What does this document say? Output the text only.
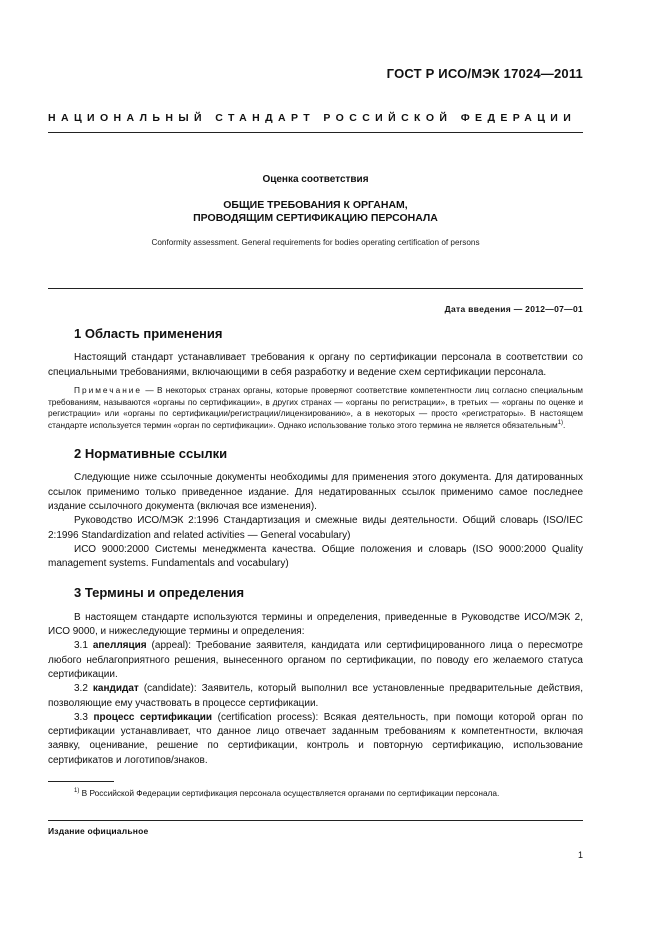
ГОСТ Р ИСО/МЭК 17024—2011
НАЦИОНАЛЬНЫЙ СТАНДАРТ РОССИЙСКОЙ ФЕДЕРАЦИИ
Оценка соответствия
ОБЩИЕ ТРЕБОВАНИЯ К ОРГАНАМ,
ПРОВОДЯЩИМ СЕРТИФИКАЦИЮ ПЕРСОНАЛА
Conformity assessment. General requirements for bodies operating certification of persons
Дата введения — 2012—07—01
1 Область применения

Настоящий стандарт устанавливает требования к органу по сертификации персонала в соответствии со специальными требованиями, включающими в себя разработку и ведение схем сертификации персонала.

Примечание — В некоторых странах органы, которые проверяют соответствие компетентности лиц согласно специальным требованиям, называются «органы по сертификации», в других странах — «органы по регистрации», в третьих — «органы по оценке и регистрации» или «органы по сертификации/регистрации/лицензированию», а в некоторых — просто «регистраторы». В настоящем стандарте используется термин «орган по сертификации». Однако использование только этого термина не является обязательным$^{1)}$.

2 Нормативные ссылки

Следующие ниже ссылочные документы необходимы для применения этого документа. Для датированных ссылок применимо только приведенное издание. Для недатированных ссылок применимо самое последнее издание ссылочного документа (включая все изменения).

Руководство ИСО/МЭК 2:1996 Стандартизация и смежные виды деятельности. Общий словарь (ISO/IEC 2:1996 Standardization and related activities — General vocabulary)

ИСО 9000:2000 Системы менеджмента качества. Общие положения и словарь (ISO 9000:2000 Quality management systems. Fundamentals and vocabulary)

3 Термины и определения

В настоящем стандарте используются термины и определения, приведенные в Руководстве ИСО/МЭК 2, ИСО 9000, и нижеследующие термины и определения:

3.1 апелляция (appeal): Требование заявителя, кандидата или сертифицированного лица о пересмотре любого неблагоприятного решения, вынесенного органом по сертификации, по поводу его желаемого статуса сертификации.

3.2 кандидат (candidate): Заявитель, который выполнил все установленные предварительные действия, позволяющие ему участвовать в процессе сертификации.

3.3 процесс сертификации (certification process): Всякая деятельность, при помощи которой орган по сертификации устанавливает, что данное лицо отвечает заданным требованиям к компетентности, включая заявку, оценивание, решение по сертификации, контроль и повторную сертификацию, использование сертификатов и логотипов/знаков.

$^{1)}$ В Российской Федерации сертификация персонала осуществляется органами по сертификации персонала.

Издание официальное
1
